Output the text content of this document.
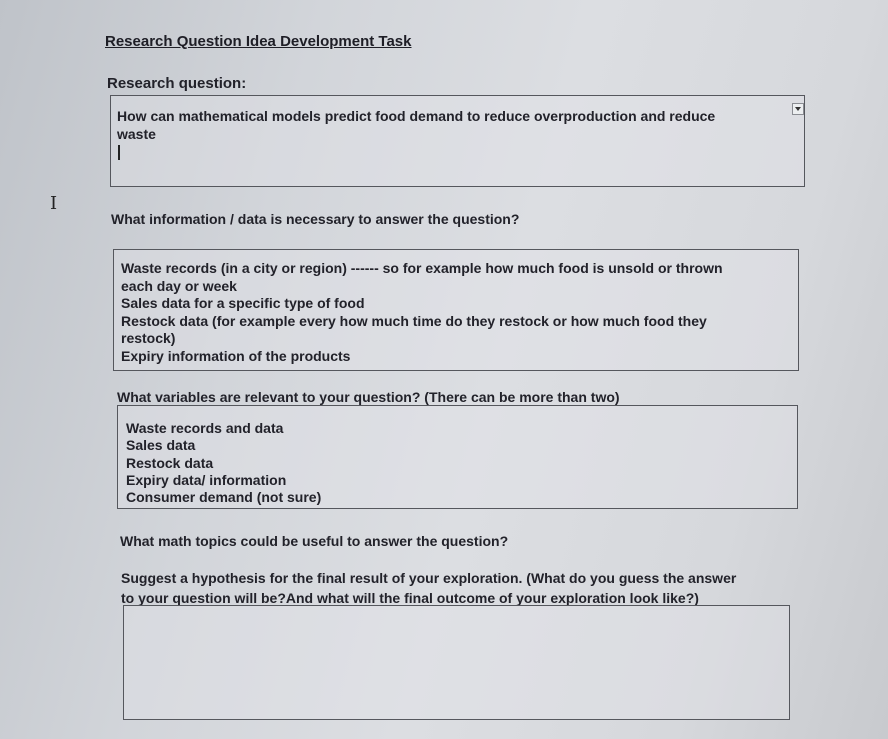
Research Question Idea Development Task
I
Research question:
How can mathematical models predict food demand to reduce overproduction and reduce
waste
What information / data is necessary to answer the question?
Waste records (in a city or region) ------ so for example how much food is unsold or thrown
each day or week
Sales data for a specific type of food
Restock data (for example every how much time do they restock or how much food they
restock)
Expiry information of the products
What variables are relevant to your question? (There can be more than two)
Waste records and data
Sales data
Restock data
Expiry data/ information
Consumer demand (not sure)
What math topics could be useful to answer the question?
Suggest a hypothesis for the final result of your exploration. (What do you guess the answer
to your question will be?And what will the final outcome of your exploration look like?)
